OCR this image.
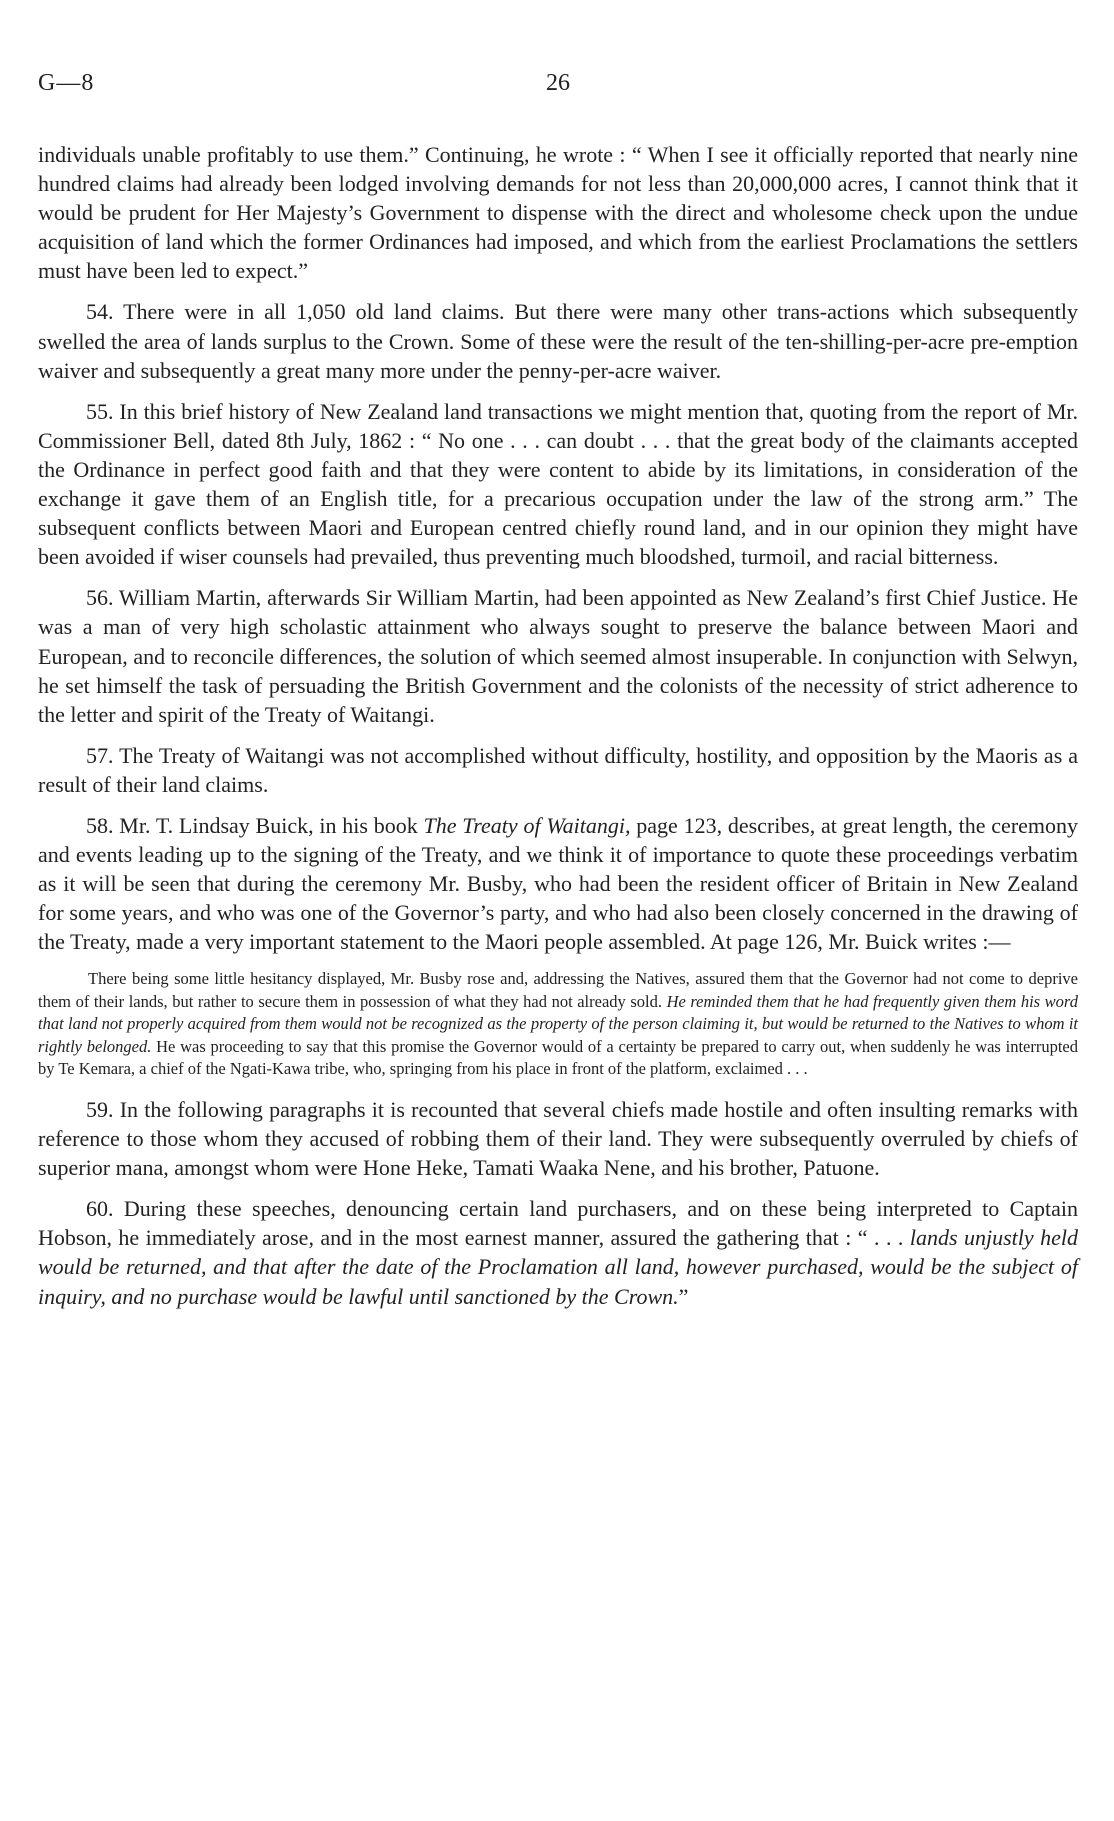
G—8	26

individuals unable profitably to use them.” Continuing, he wrote : “ When I see it officially reported that nearly nine hundred claims had already been lodged involving demands for not less than 20,000,000 acres, I cannot think that it would be prudent for Her Majesty’s Government to dispense with the direct and wholesome check upon the undue acquisition of land which the former Ordinances had imposed, and which from the earliest Proclamations the settlers must have been led to expect.”

54. There were in all 1,050 old land claims. But there were many other trans-actions which subsequently swelled the area of lands surplus to the Crown. Some of these were the result of the ten-shilling-per-acre pre-emption waiver and subsequently a great many more under the penny-per-acre waiver.

55. In this brief history of New Zealand land transactions we might mention that, quoting from the report of Mr. Commissioner Bell, dated 8th July, 1862 : “ No one . . . can doubt . . . that the great body of the claimants accepted the Ordinance in perfect good faith and that they were content to abide by its limitations, in consideration of the exchange it gave them of an English title, for a precarious occupation under the law of the strong arm.” The subsequent conflicts between Maori and European centred chiefly round land, and in our opinion they might have been avoided if wiser counsels had prevailed, thus preventing much bloodshed, turmoil, and racial bitterness.

56. William Martin, afterwards Sir William Martin, had been appointed as New Zealand’s first Chief Justice. He was a man of very high scholastic attainment who always sought to preserve the balance between Maori and European, and to reconcile differences, the solution of which seemed almost insuperable. In conjunction with Selwyn, he set himself the task of persuading the British Government and the colonists of the necessity of strict adherence to the letter and spirit of the Treaty of Waitangi.

57. The Treaty of Waitangi was not accomplished without difficulty, hostility, and opposition by the Maoris as a result of their land claims.

58. Mr. T. Lindsay Buick, in his book The Treaty of Waitangi, page 123, describes, at great length, the ceremony and events leading up to the signing of the Treaty, and we think it of importance to quote these proceedings verbatim as it will be seen that during the ceremony Mr. Busby, who had been the resident officer of Britain in New Zealand for some years, and who was one of the Governor’s party, and who had also been closely concerned in the drawing of the Treaty, made a very important statement to the Maori people assembled. At page 126, Mr. Buick writes :—

There being some little hesitancy displayed, Mr. Busby rose and, addressing the Natives, assured them that the Governor had not come to deprive them of their lands, but rather to secure them in possession of what they had not already sold. He reminded them that he had frequently given them his word that land not properly acquired from them would not be recognized as the property of the person claiming it, but would be returned to the Natives to whom it rightly belonged. He was proceeding to say that this promise the Governor would of a certainty be prepared to carry out, when suddenly he was interrupted by Te Kemara, a chief of the Ngati-Kawa tribe, who, springing from his place in front of the platform, exclaimed . . .

59. In the following paragraphs it is recounted that several chiefs made hostile and often insulting remarks with reference to those whom they accused of robbing them of their land. They were subsequently overruled by chiefs of superior mana, amongst whom were Hone Heke, Tamati Waaka Nene, and his brother, Patuone.

60. During these speeches, denouncing certain land purchasers, and on these being interpreted to Captain Hobson, he immediately arose, and in the most earnest manner, assured the gathering that : “ . . . lands unjustly held would be returned, and that after the date of the Proclamation all land, however purchased, would be the subject of inquiry, and no purchase would be lawful until sanctioned by the Crown.”
